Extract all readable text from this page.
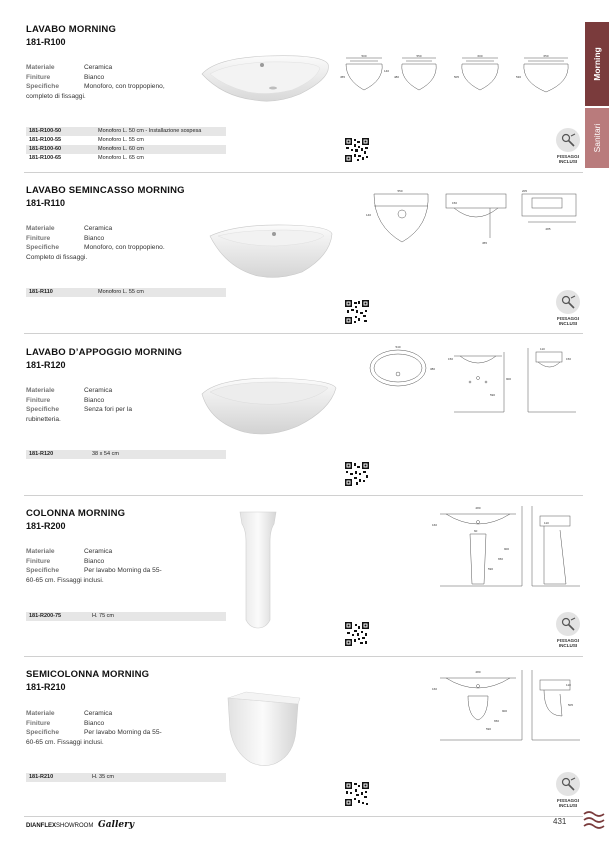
Morning
Sanitari
LAVABO MORNING
181-R100
Materiale	Ceramica
Finiture	Bianco
Specifiche	Monoforo, con troppopieno,
completo di fissaggi.
500	550	600	650
455	480	505	530
140
181-R100-50	Monoforo L. 50 cm - Installazione sospesa
181-R100-55	Monoforo L. 55 cm
181-R100-60	Monoforo L. 60 cm
181-R100-65	Monoforo L. 65 cm	FISSAGGI
INCLUSI
LAVABO SEMINCASSO MORNING
181-R110
Materiale	Ceramica
Finiture	Bianco
Specifiche	Monoforo, con troppopieno.
Completo di fissaggi.
550
285
150
140
205
455
181-R110	Monoforo L. 55 cm
FISSAGGI
INCLUSI
LAVABO D’APPOGGIO MORNING
181-R120
Materiale	Ceramica
Finiture	Bianco
Specifiche	Senza fori per la
rubinetteria.
540
380
150
900
590
110
150
181-R120	38 x 54 cm
COLONNA MORNING
181-R200
Materiale	Ceramica
Finiture	Bianco
Specifiche	Per lavabo Morning da 55-
60-65 cm. Fissaggi inclusi.
280
160
900
650
590
110
60
181-R200-75	H. 75 cm
FISSAGGI
INCLUSI
SEMICOLONNA MORNING
181-R210
Materiale	Ceramica
Finiture	Bianco
Specifiche	Per lavabo Morning da 55-
60-65 cm. Fissaggi inclusi.
280
160
900
650
590
110
505
181-R210	H. 35 cm
FISSAGGI
INCLUSI
DIANFLEXSHOWROOM Gallery	431
